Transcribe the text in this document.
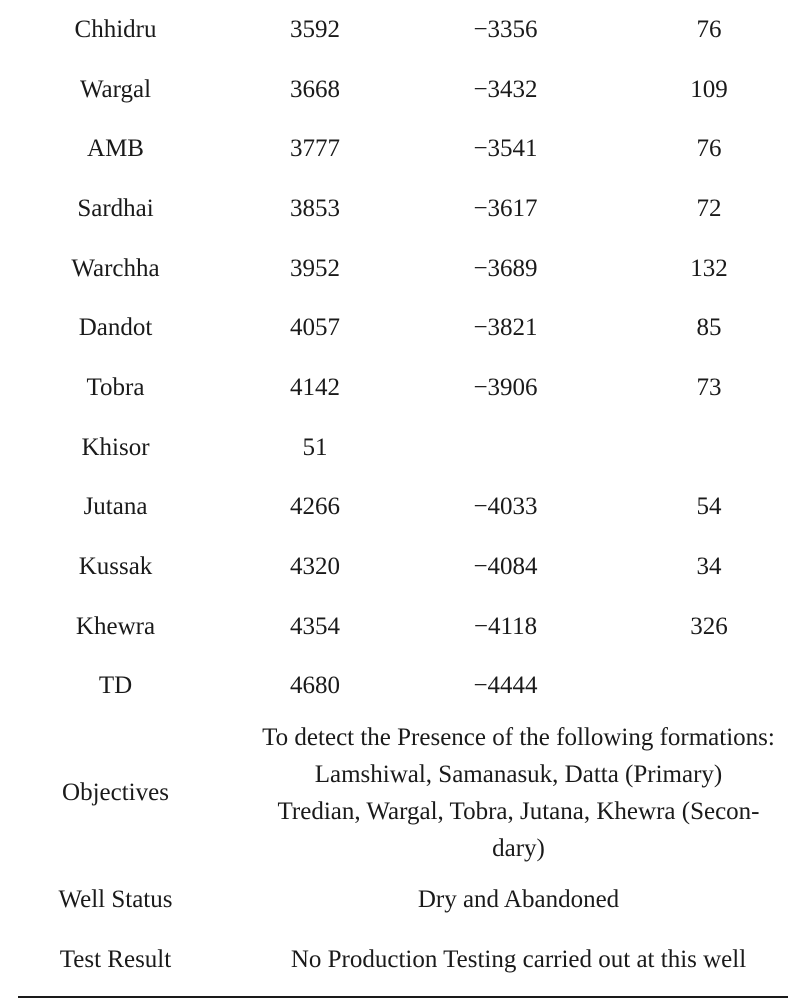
Chhidru	3592	−3356	76
Wargal	3668	−3432	109
AMB	3777	−3541	76
Sardhai	3853	−3617	72
Warchha	3952	−3689	132
Dandot	4057	−3821	85
Tobra	4142	−3906	73
Khisor	51		
Jutana	4266	−4033	54
Kussak	4320	−4084	34
Khewra	4354	−4118	326
TD	4680	−4444	
Objectives	To detect the Presence of the following formations:
Lamshiwal, Samanasuk, Datta (Primary)
Tredian, Wargal, Tobra, Jutana, Khewra (Secon-
dary)		

Well Status	Dry and Abandoned		
Test Result	No Production Testing carried out at this well		
